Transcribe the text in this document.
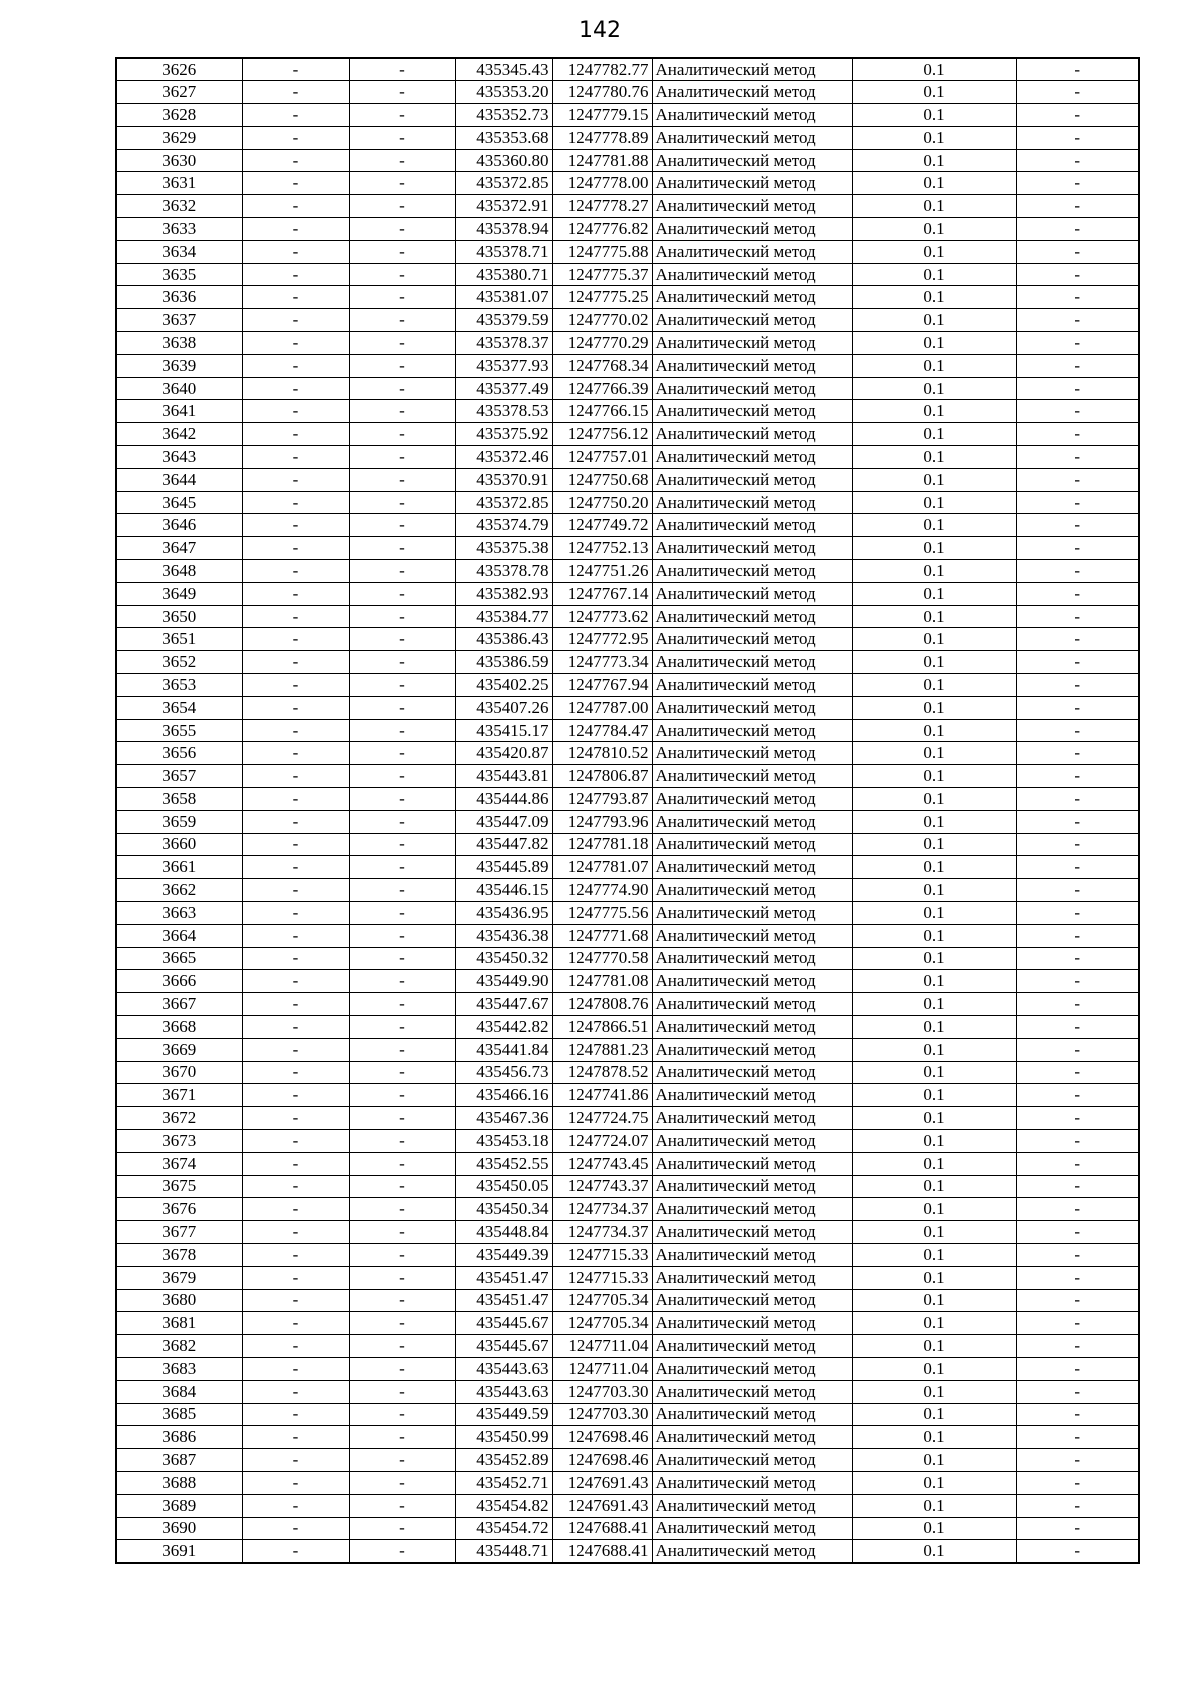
142
3626	-	-	435345.43	1247782.77	Аналитический метод	0.1	-
3627	-	-	435353.20	1247780.76	Аналитический метод	0.1	-
3628	-	-	435352.73	1247779.15	Аналитический метод	0.1	-
3629	-	-	435353.68	1247778.89	Аналитический метод	0.1	-
3630	-	-	435360.80	1247781.88	Аналитический метод	0.1	-
3631	-	-	435372.85	1247778.00	Аналитический метод	0.1	-
3632	-	-	435372.91	1247778.27	Аналитический метод	0.1	-
3633	-	-	435378.94	1247776.82	Аналитический метод	0.1	-
3634	-	-	435378.71	1247775.88	Аналитический метод	0.1	-
3635	-	-	435380.71	1247775.37	Аналитический метод	0.1	-
3636	-	-	435381.07	1247775.25	Аналитический метод	0.1	-
3637	-	-	435379.59	1247770.02	Аналитический метод	0.1	-
3638	-	-	435378.37	1247770.29	Аналитический метод	0.1	-
3639	-	-	435377.93	1247768.34	Аналитический метод	0.1	-
3640	-	-	435377.49	1247766.39	Аналитический метод	0.1	-
3641	-	-	435378.53	1247766.15	Аналитический метод	0.1	-
3642	-	-	435375.92	1247756.12	Аналитический метод	0.1	-
3643	-	-	435372.46	1247757.01	Аналитический метод	0.1	-
3644	-	-	435370.91	1247750.68	Аналитический метод	0.1	-
3645	-	-	435372.85	1247750.20	Аналитический метод	0.1	-
3646	-	-	435374.79	1247749.72	Аналитический метод	0.1	-
3647	-	-	435375.38	1247752.13	Аналитический метод	0.1	-
3648	-	-	435378.78	1247751.26	Аналитический метод	0.1	-
3649	-	-	435382.93	1247767.14	Аналитический метод	0.1	-
3650	-	-	435384.77	1247773.62	Аналитический метод	0.1	-
3651	-	-	435386.43	1247772.95	Аналитический метод	0.1	-
3652	-	-	435386.59	1247773.34	Аналитический метод	0.1	-
3653	-	-	435402.25	1247767.94	Аналитический метод	0.1	-
3654	-	-	435407.26	1247787.00	Аналитический метод	0.1	-
3655	-	-	435415.17	1247784.47	Аналитический метод	0.1	-
3656	-	-	435420.87	1247810.52	Аналитический метод	0.1	-
3657	-	-	435443.81	1247806.87	Аналитический метод	0.1	-
3658	-	-	435444.86	1247793.87	Аналитический метод	0.1	-
3659	-	-	435447.09	1247793.96	Аналитический метод	0.1	-
3660	-	-	435447.82	1247781.18	Аналитический метод	0.1	-
3661	-	-	435445.89	1247781.07	Аналитический метод	0.1	-
3662	-	-	435446.15	1247774.90	Аналитический метод	0.1	-
3663	-	-	435436.95	1247775.56	Аналитический метод	0.1	-
3664	-	-	435436.38	1247771.68	Аналитический метод	0.1	-
3665	-	-	435450.32	1247770.58	Аналитический метод	0.1	-
3666	-	-	435449.90	1247781.08	Аналитический метод	0.1	-
3667	-	-	435447.67	1247808.76	Аналитический метод	0.1	-
3668	-	-	435442.82	1247866.51	Аналитический метод	0.1	-
3669	-	-	435441.84	1247881.23	Аналитический метод	0.1	-
3670	-	-	435456.73	1247878.52	Аналитический метод	0.1	-
3671	-	-	435466.16	1247741.86	Аналитический метод	0.1	-
3672	-	-	435467.36	1247724.75	Аналитический метод	0.1	-
3673	-	-	435453.18	1247724.07	Аналитический метод	0.1	-
3674	-	-	435452.55	1247743.45	Аналитический метод	0.1	-
3675	-	-	435450.05	1247743.37	Аналитический метод	0.1	-
3676	-	-	435450.34	1247734.37	Аналитический метод	0.1	-
3677	-	-	435448.84	1247734.37	Аналитический метод	0.1	-
3678	-	-	435449.39	1247715.33	Аналитический метод	0.1	-
3679	-	-	435451.47	1247715.33	Аналитический метод	0.1	-
3680	-	-	435451.47	1247705.34	Аналитический метод	0.1	-
3681	-	-	435445.67	1247705.34	Аналитический метод	0.1	-
3682	-	-	435445.67	1247711.04	Аналитический метод	0.1	-
3683	-	-	435443.63	1247711.04	Аналитический метод	0.1	-
3684	-	-	435443.63	1247703.30	Аналитический метод	0.1	-
3685	-	-	435449.59	1247703.30	Аналитический метод	0.1	-
3686	-	-	435450.99	1247698.46	Аналитический метод	0.1	-
3687	-	-	435452.89	1247698.46	Аналитический метод	0.1	-
3688	-	-	435452.71	1247691.43	Аналитический метод	0.1	-
3689	-	-	435454.82	1247691.43	Аналитический метод	0.1	-
3690	-	-	435454.72	1247688.41	Аналитический метод	0.1	-
3691	-	-	435448.71	1247688.41	Аналитический метод	0.1	-
